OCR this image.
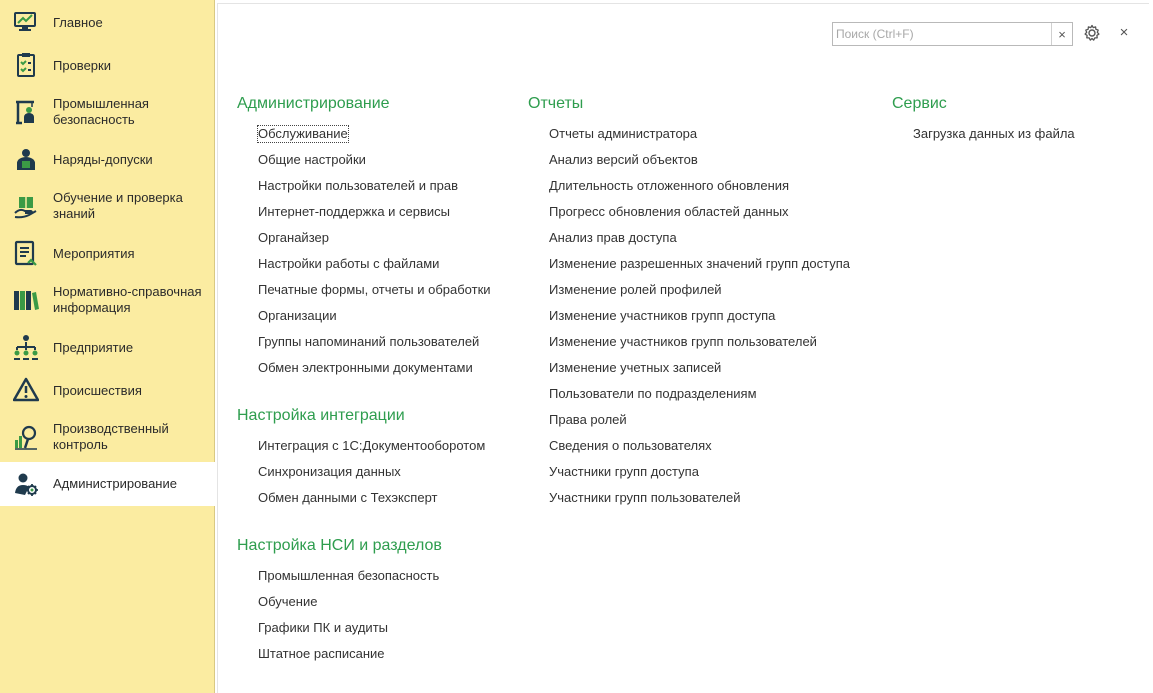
Главное
Проверки
Промышленная безопасность
Наряды-допуски
Обучение и проверка знаний
Мероприятия
Нормативно-справочная информация
Предприятие
Происшествия
Производственный контроль
Администрирование
Поиск (Ctrl+F)
×	×
Администрирование
Обслуживание
Общие настройки
Настройки пользователей и прав
Интернет-поддержка и сервисы
Органайзер
Настройки работы с файлами
Печатные формы, отчеты и обработки
Организации
Группы напоминаний пользователей
Обмен электронными документами
Настройка интеграции
Интеграция с 1С:Документооборотом
Синхронизация данных
Обмен данными с Техэксперт
Настройка НСИ и разделов
Промышленная безопасность
Обучение
Графики ПК и аудиты
Штатное расписание
Отчеты
Отчеты администратора
Анализ версий объектов
Длительность отложенного обновления
Прогресс обновления областей данных
Анализ прав доступа
Изменение разрешенных значений групп доступа
Изменение ролей профилей
Изменение участников групп доступа
Изменение участников групп пользователей
Изменение учетных записей
Пользователи по подразделениям
Права ролей
Сведения о пользователях
Участники групп доступа
Участники групп пользователей
Сервис
Загрузка данных из файла
